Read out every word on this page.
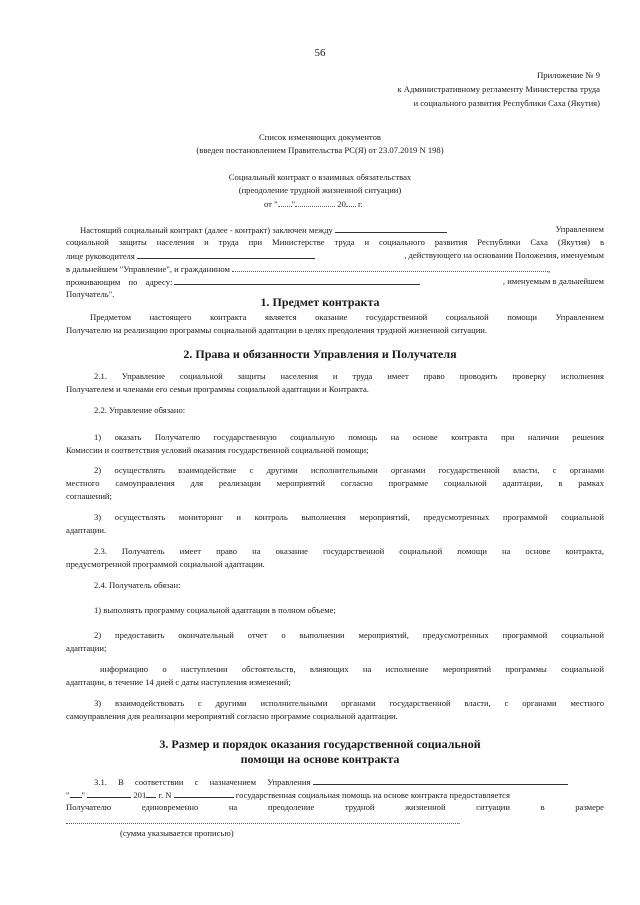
56
Приложение № 9
к Административному регламенту Министерства труда
и социального развития Республики Саха (Якутия)
Список изменяющих документов
(введен постановлением Правительства РС(Я) от 23.07.2019 N 198)
Социальный контракт о взаимных обязательствах
(преодоление трудной жизненной ситуации)
от " "	20 г.
Настоящий социальный контракт (далее - контракт) заключен между	Управлением
социальной защиты населения и труда при Министерстве труда и социального развития Республики Саха (Якутия) в
лице руководителя	, действующего на основании Положения, именуемым
в дальнейшем "Управление", и гражданином	,
проживающим по адресу:	, именуемым в дальнейшем
Получатель".
1. Предмет контракта
Предметом настоящего контракта является оказание государственной социальной помощи Управлением
Получателю на реализацию программы социальной адаптации в целях преодоления трудной жизненной ситуации.
2. Права и обязанности Управления и Получателя
2.1. Управление социальной защиты населения и труда имеет право проводить проверку исполнения
Получателем и членами его семьи программы социальной адаптации и Контракта.
2.2. Управление обязано:
1) оказать Получателю государственную социальную помощь на основе контракта при наличии решения
Комиссии и соответствия условий оказания государственной социальной помощи;
2) осуществлять взаимодействие с другими исполнительными органами государственной власти, с органами
местного самоуправления для реализации мероприятий согласно программе социальной адаптации, в рамках
соглашений;
3) осуществлять мониторинг и контроль выполнения мероприятий, предусмотренных программой социальной
адаптации.
2.3. Получатель имеет право на оказание государственной социальной помощи на основе контракта,
предусмотренной программой социальной адаптации.
2.4. Получатель обязан:
1) выполнять программу социальной адаптации в полном объеме;
2) предоставить окончательный отчет о выполнении мероприятий, предусмотренных программой социальной
адаптации;
информацию о наступлении обстоятельств, влияющих на исполнение мероприятий программы социальной
адаптации, в течение 14 дней с даты наступления изменений;
3) взаимодействовать с другими исполнительными органами государственной власти, с органами местного
самоуправления для реализации мероприятий согласно программе социальной адаптации.
3. Размер и порядок оказания государственной социальной
помощи на основе контракта
3.1. В соответствии с назначением Управления
" "	201 г. N	государственная социальная помощь на основе контракта предоставляется
Получателю единовременно на преодоление трудной жизненной ситуации в размере
.
(сумма указывается прописью)
